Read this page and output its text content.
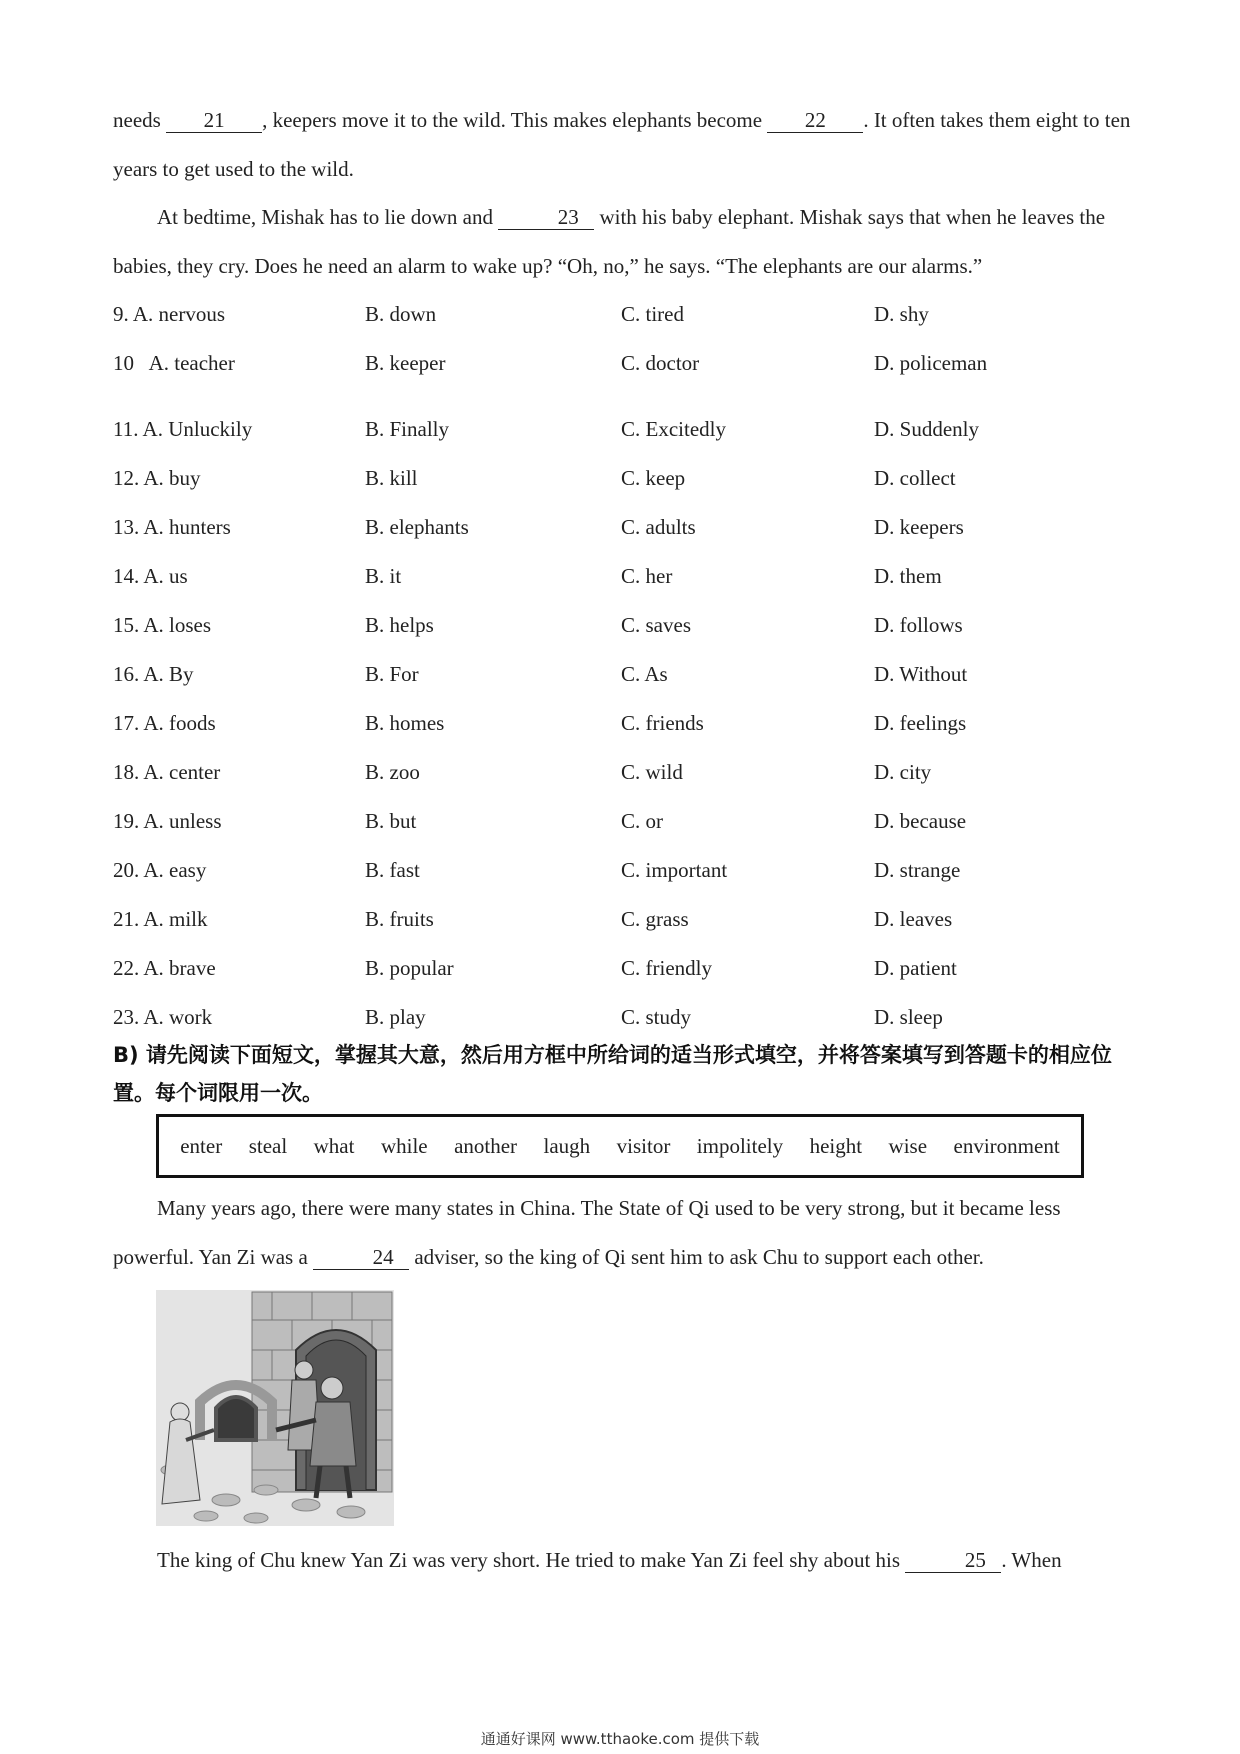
needs 21 , keepers move it to the wild. This makes elephants become 22 . It often takes them eight to ten years to get used to the wild.

At bedtime, Mishak has to lie down and	23 with his baby elephant. Mishak says that when he leaves the babies, they cry. Does he need an alarm to wake up? “Oh, no,” he says. “The elephants are our alarms.”

9. A. nervous	B. down	C. tired	D. shy
10   A. teacher	B. keeper	C. doctor	D. policeman
11. A. Unluckily	B. Finally	C. Excitedly	D. Suddenly
12. A. buy	B. kill	C. keep	D. collect
13. A. hunters	B. elephants	C. adults	D. keepers
14. A. us	B. it	C. her	D. them
15. A. loses	B. helps	C. saves	D. follows
16. A. By	B. For	C. As	D. Without
17. A. foods	B. homes	C. friends	D. feelings
18. A. center	B. zoo	C. wild	D. city
19. A. unless	B. but	C. or	D. because
20. A. easy	B. fast	C. important	D. strange
21. A. milk	B. fruits	C. grass	D. leaves
22. A. brave	B. popular	C. friendly	D. patient
23. A. work	B. play	C. study	D. sleep
B) 请先阅读下面短文，掌握其大意，然后用方框中所给词的适当形式填空，并将答案填写到答题卡的相应位置。每个词限用一次。
enter steal what while another laugh visitor impolitely height wise environment

Many years ago, there were many states in China. The State of Qi used to be very strong, but it became less powerful. Yan Zi was a	24 adviser, so the king of Qi sent him to ask Chu to support each other.

The king of Chu knew Yan Zi was very short. He tried to make Yan Zi feel shy about his	25 . When

通通好课网 www.tthaoke.com 提供下载
